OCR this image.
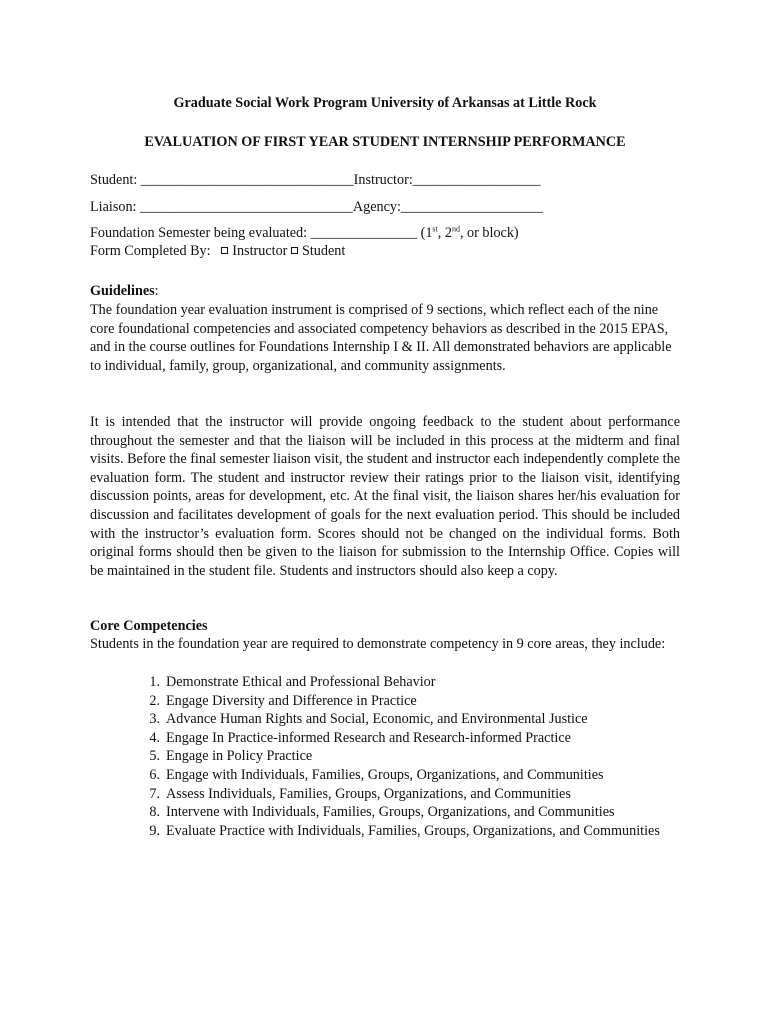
Graduate Social Work Program University of Arkansas at Little Rock
EVALUATION OF FIRST YEAR STUDENT INTERNSHIP PERFORMANCE
Student: ______________________________Instructor:__________________
Liaison: ______________________________Agency:____________________
Foundation Semester being evaluated: _______________ (1st, 2nd, or block)
Form Completed By: Instructor Student
Guidelines:
The foundation year evaluation instrument is comprised of 9 sections, which reflect each of the nine core foundational competencies and associated competency behaviors as described in the 2015 EPAS, and in the course outlines for Foundations Internship I & II. All demonstrated behaviors are applicable to individual, family, group, organizational, and community assignments.
It is intended that the instructor will provide ongoing feedback to the student about performance throughout the semester and that the liaison will be included in this process at the midterm and final visits. Before the final semester liaison visit, the student and instructor each independently complete the evaluation form. The student and instructor review their ratings prior to the liaison visit, identifying discussion points, areas for development, etc. At the final visit, the liaison shares her/his evaluation for discussion and facilitates development of goals for the next evaluation period. This should be included with the instructor’s evaluation form. Scores should not be changed on the individual forms. Both original forms should then be given to the liaison for submission to the Internship Office. Copies will be maintained in the student file. Students and instructors should also keep a copy.
Core Competencies
Students in the foundation year are required to demonstrate competency in 9 core areas, they include:
1. Demonstrate Ethical and Professional Behavior
2. Engage Diversity and Difference in Practice
3. Advance Human Rights and Social, Economic, and Environmental Justice
4. Engage In Practice-informed Research and Research-informed Practice
5. Engage in Policy Practice
6. Engage with Individuals, Families, Groups, Organizations, and Communities
7. Assess Individuals, Families, Groups, Organizations, and Communities
8. Intervene with Individuals, Families, Groups, Organizations, and Communities
9. Evaluate Practice with Individuals, Families, Groups, Organizations, and Communities
